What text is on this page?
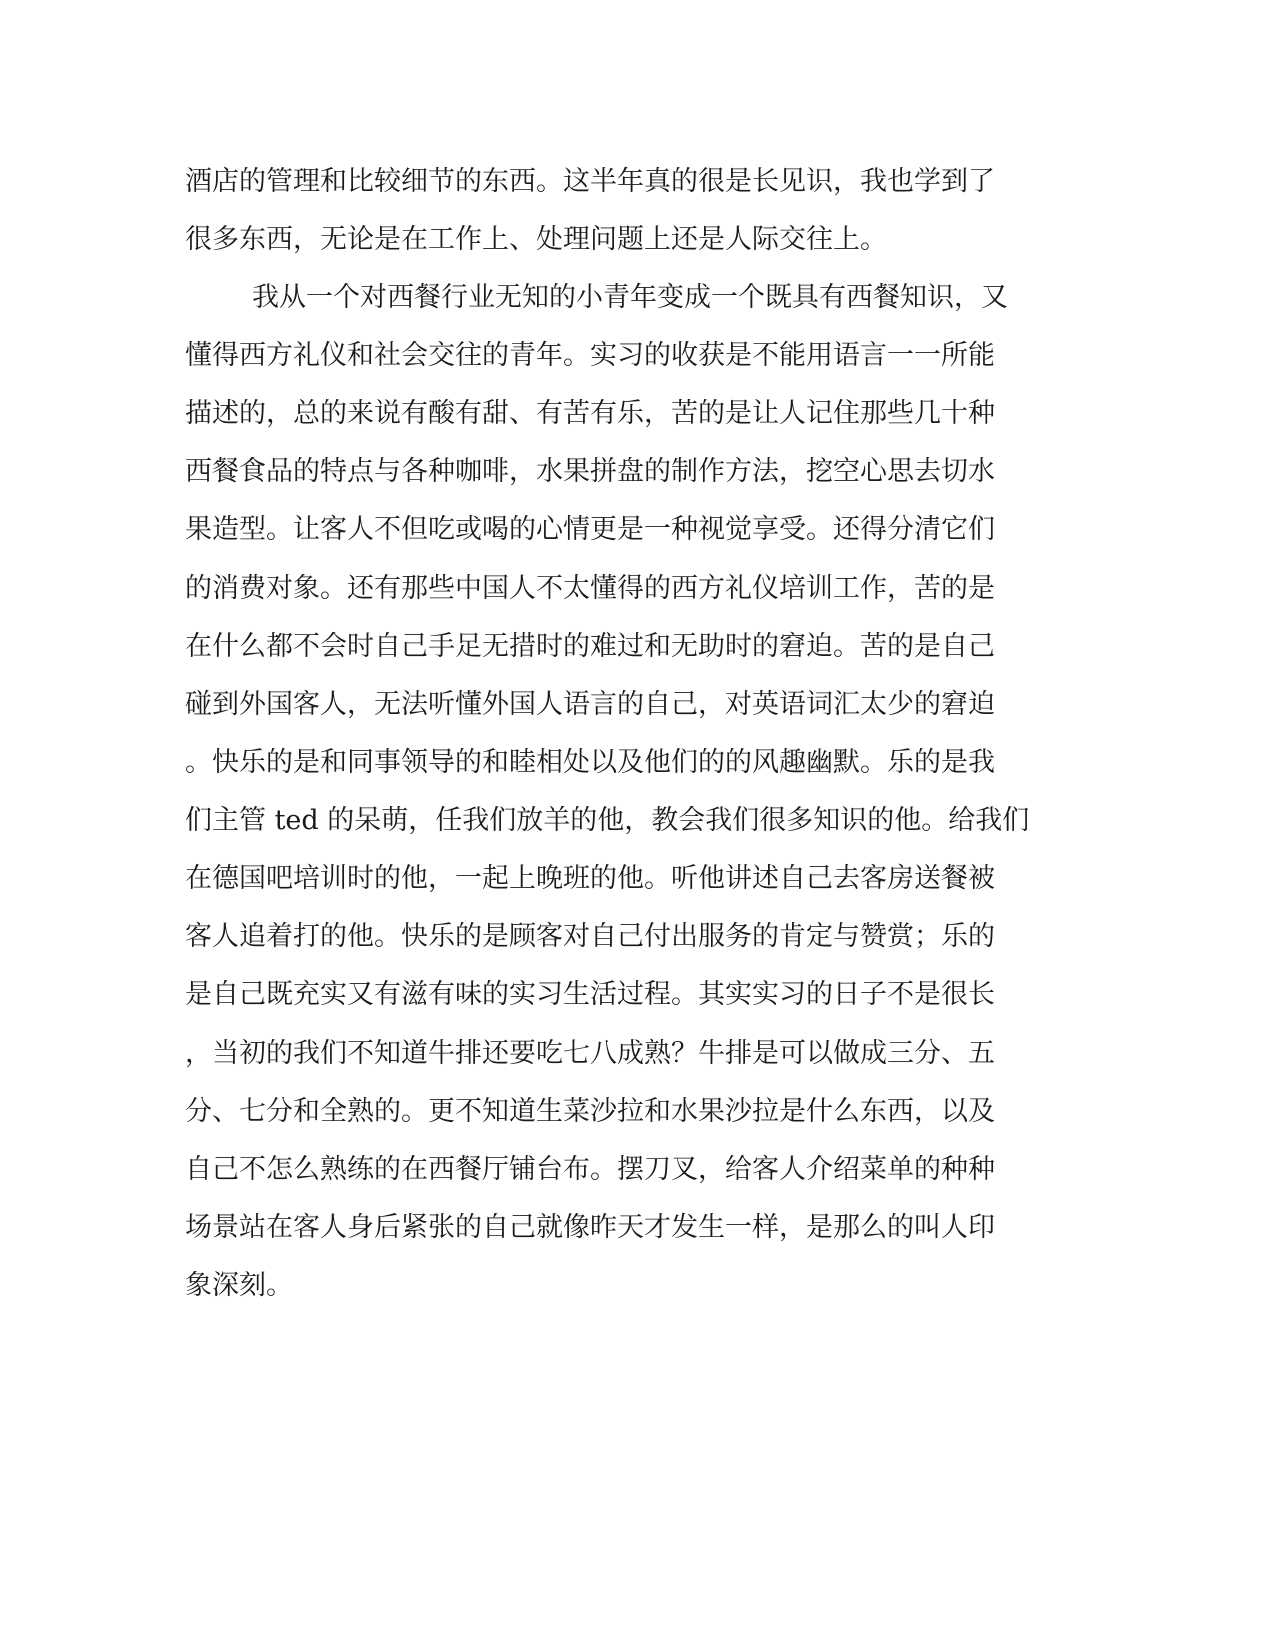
酒店的管理和比较细节的东西。这半年真的很是长见识，我也学到了
很多东西，无论是在工作上、处理问题上还是人际交往上。
我从一个对西餐行业无知的小青年变成一个既具有西餐知识，又
懂得西方礼仪和社会交往的青年。实习的收获是不能用语言一一所能
描述的，总的来说有酸有甜、有苦有乐，苦的是让人记住那些几十种
西餐食品的特点与各种咖啡，水果拼盘的制作方法，挖空心思去切水
果造型。让客人不但吃或喝的心情更是一种视觉享受。还得分清它们
的消费对象。还有那些中国人不太懂得的西方礼仪培训工作，苦的是
在什么都不会时自己手足无措时的难过和无助时的窘迫。苦的是自己
碰到外国客人，无法听懂外国人语言的自己，对英语词汇太少的窘迫
。快乐的是和同事领导的和睦相处以及他们的的风趣幽默。乐的是我
们主管 ted 的呆萌，任我们放羊的他，教会我们很多知识的他。给我们
在德国吧培训时的他，一起上晚班的他。听他讲述自己去客房送餐被
客人追着打的他。快乐的是顾客对自己付出服务的肯定与赞赏；乐的
是自己既充实又有滋有味的实习生活过程。其实实习的日子不是很长
，当初的我们不知道牛排还要吃七八成熟？牛排是可以做成三分、五
分、七分和全熟的。更不知道生菜沙拉和水果沙拉是什么东西，以及
自己不怎么熟练的在西餐厅铺台布。摆刀叉，给客人介绍菜单的种种
场景站在客人身后紧张的自己就像昨天才发生一样，是那么的叫人印
象深刻。
